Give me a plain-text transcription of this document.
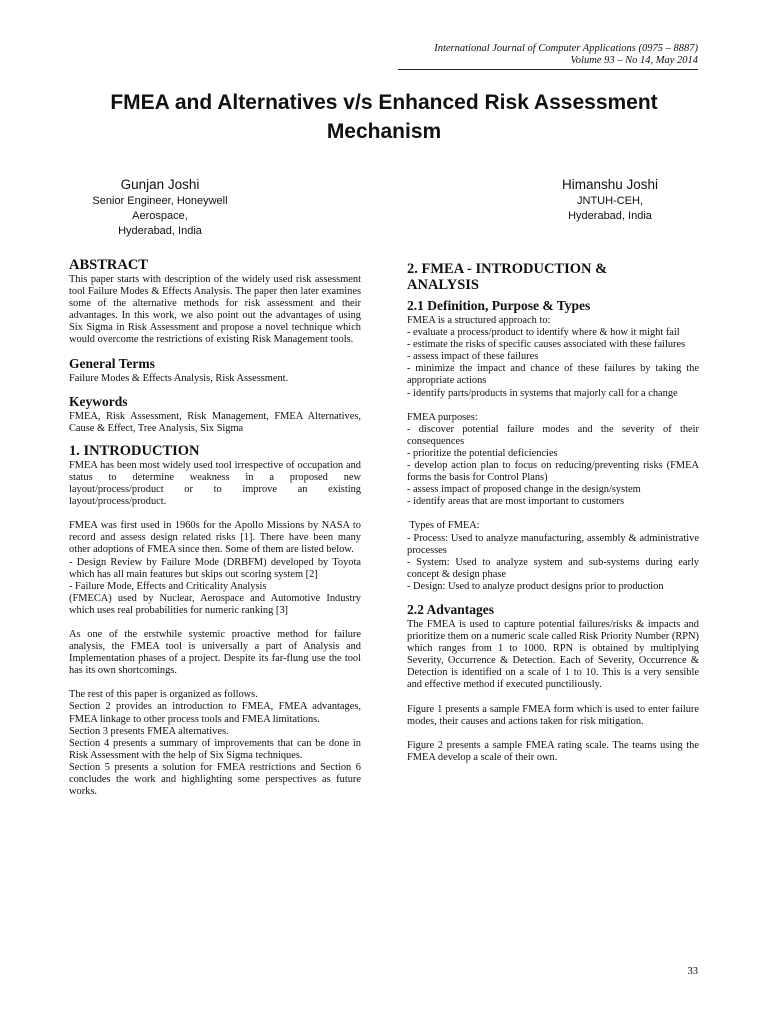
International Journal of Computer Applications (0975 – 8887)
Volume 93 – No 14, May 2014
FMEA and Alternatives v/s Enhanced Risk Assessment
Mechanism
Gunjan Joshi
Senior Engineer, Honeywell
Aerospace,
Hyderabad, India
Himanshu Joshi
JNTUH-CEH,
Hyderabad, India
ABSTRACT

This paper starts with description of the widely used risk assessment tool Failure Modes & Effects Analysis. The paper then later examines some of the alternative methods for risk assessment and their advantages. In this work, we also point out the advantages of using Six Sigma in Risk Assessment and propose a novel technique which would overcome the restrictions of existing Risk Management tools.

General Terms

Failure Modes & Effects Analysis, Risk Assessment.

Keywords

FMEA, Risk Assessment, Risk Management, FMEA Alternatives, Cause & Effect, Tree Analysis, Six Sigma

1. INTRODUCTION

FMEA has been most widely used tool irrespective of occupation and status to determine weakness in a proposed new layout/process/product or to improve an existing layout/process/product.

FMEA was first used in 1960s for the Apollo Missions by NASA to record and assess design related risks [1]. There have been many other adoptions of FMEA since then. Some of them are listed below.

- Design Review by Failure Mode (DRBFM) developed by Toyota which has all main features but skips out scoring system [2]

- Failure Mode, Effects and Criticality Analysis

(FMECA) used by Nuclear, Aerospace and Automotive Industry which uses real probabilities for numeric ranking [3]

As one of the erstwhile systemic proactive method for failure analysis, the FMEA tool is universally a part of Analysis and Implementation phases of a project. Despite its far-flung use the tool has its own shortcomings.

The rest of this paper is organized as follows.

Section 2 provides an introduction to FMEA, FMEA advantages, FMEA linkage to other process tools and FMEA limitations.

Section 3 presents FMEA alternatives.

Section 4 presents a summary of improvements that can be done in Risk Assessment with the help of Six Sigma techniques.

Section 5 presents a solution for FMEA restrictions and Section 6 concludes the work and highlighting some perspectives as future works.

2. FMEA - INTRODUCTION &
ANALYSIS
2.1 Definition, Purpose & Types

FMEA is a structured approach to:

- evaluate a process/product to identify where & how it might fail

- estimate the risks of specific causes associated with these failures

- assess impact of these failures

- minimize the impact and chance of these failures by taking the appropriate actions

- identify parts/products in systems that majorly call for a change

FMEA purposes:

- discover potential failure modes and the severity of their consequences

- prioritize the potential deficiencies

- develop action plan to focus on reducing/preventing risks (FMEA forms the basis for Control Plans)

- assess impact of proposed change in the design/system

- identify areas that are most important to customers

Types of FMEA:

- Process: Used to analyze manufacturing, assembly & administrative processes

- System: Used to analyze system and sub-systems during early concept & design phase

- Design: Used to analyze product designs prior to production

2.2 Advantages

The FMEA is used to capture potential failures/risks & impacts and prioritize them on a numeric scale called Risk Priority Number (RPN) which ranges from 1 to 1000. RPN is obtained by multiplying Severity, Occurrence & Detection. Each of Severity, Occurrence & Detection is identified on a scale of 1 to 10. This is a very sensible and effective method if executed punctiliously.

Figure 1 presents a sample FMEA form which is used to enter failure modes, their causes and actions taken for risk mitigation.

Figure 2 presents a sample FMEA rating scale. The teams using the FMEA develop a scale of their own.

33
